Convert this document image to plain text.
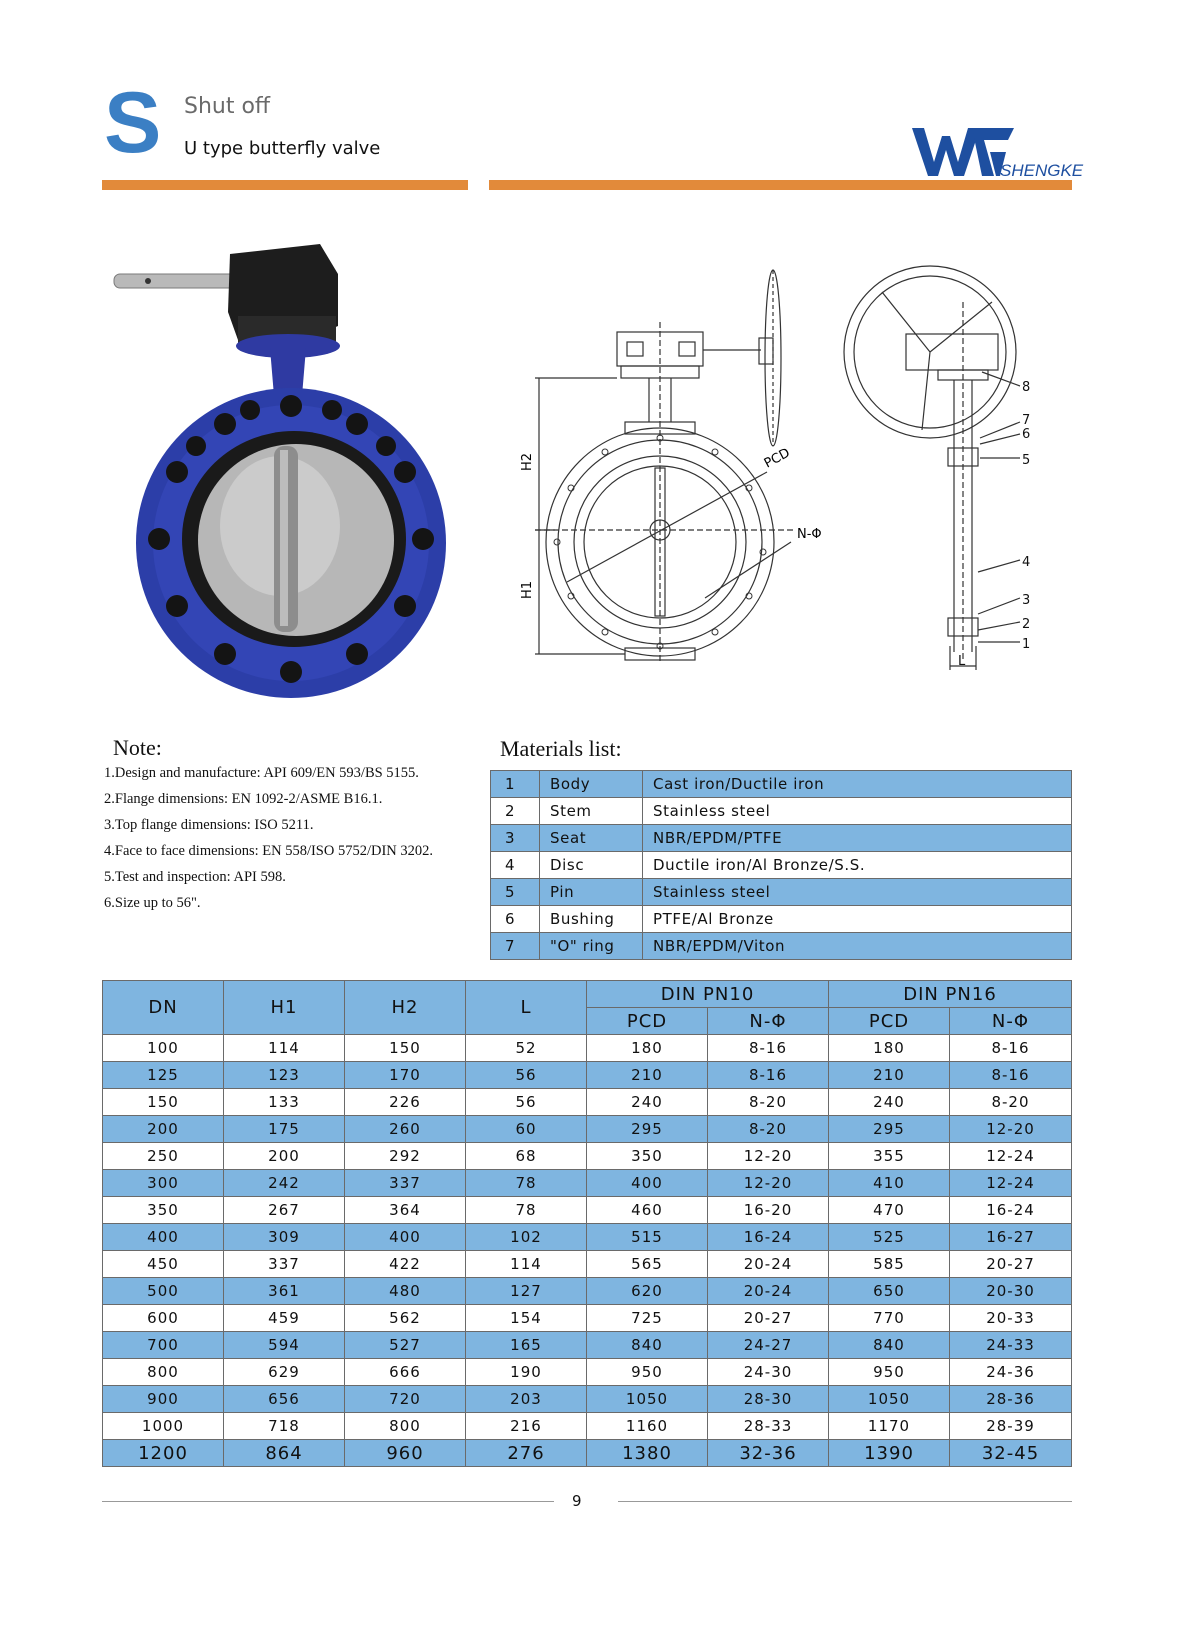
S Shut off
U type butterfly valve
SHENGKE
H2
H1
PCD
N-Φ
8
7
6
5
4
3
2
1
L
Note:
1.Design and manufacture: API 609/EN 593/BS 5155.
2.Flange dimensions: EN 1092-2/ASME B16.1.
3.Top flange dimensions: ISO 5211.
4.Face to face dimensions: EN 558/ISO 5752/DIN 3202.
5.Test and inspection: API 598.
6.Size up to 56".
Materials list:
1	Body	Cast iron/Ductile iron
2	Stem	Stainless steel
3	Seat	NBR/EPDM/PTFE
4	Disc	Ductile iron/Al Bronze/S.S.
5	Pin	Stainless steel
6	Bushing	PTFE/Al Bronze
7	"O" ring	NBR/EPDM/Viton
DN	H1	H2	L	DIN PN10		DIN PN16	
				PCD	N-Φ	PCD	N-Φ
100	114	150	52	180	8-16	180	8-16
125	123	170	56	210	8-16	210	8-16
150	133	226	56	240	8-20	240	8-20
200	175	260	60	295	8-20	295	12-20
250	200	292	68	350	12-20	355	12-24
300	242	337	78	400	12-20	410	12-24
350	267	364	78	460	16-20	470	16-24
400	309	400	102	515	16-24	525	16-27
450	337	422	114	565	20-24	585	20-27
500	361	480	127	620	20-24	650	20-30
600	459	562	154	725	20-27	770	20-33
700	594	527	165	840	24-27	840	24-33
800	629	666	190	950	24-30	950	24-36
900	656	720	203	1050	28-30	1050	28-36
1000	718	800	216	1160	28-33	1170	28-39
1200	864	960	276	1380	32-36	1390	32-45
9
